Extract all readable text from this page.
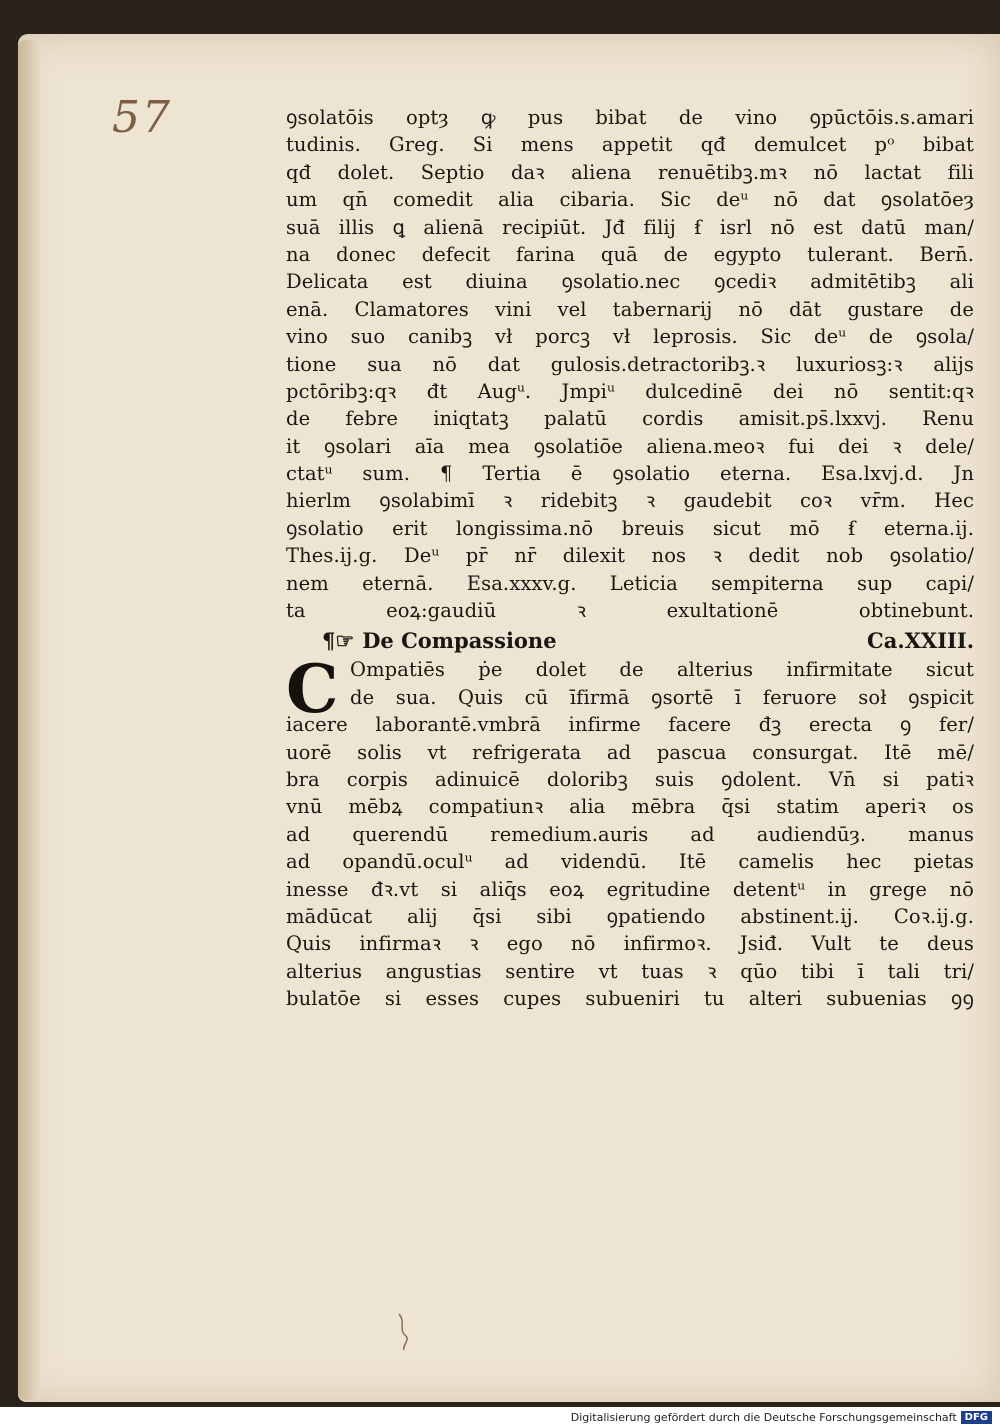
57	ꝯsolatōis optȝ ꝙ pus bibat de vino ꝯpūctōis.s.amari
tudinis. Greg. Si mens appetit qđ demulcet pᵒ bibat
qđ dolet. Septio daꝛ aliena renuētibꝫ.mꝛ nō lactat fili
um qn̄ comedit alia cibaria. Sic deᵘ nō dat ꝯsolatōeȝ
suā illis ꝗ alienā recipiūt. Jđ filij ẜ isrl nō est datū man/
na donec defecit farina quā de egypto tulerant. Bern̄.
Delicata est diuina ꝯsolatio.nec ꝯcediꝛ admitētibꝫ ali
enā. Clamatores vini vel tabernarij nō dāt gustare de
vino suo canibꝫ vł porcꝫ vł leprosis. Sic deᵘ de ꝯsola/
tione sua nō dat gulosis.detractoribꝫ.ꝛ luxuriosꝫ:ꝛ alijs
pctōribꝫ:qꝛ đt Augᵘ. Jmpiᵘ dulcedinē dei nō sentit:qꝛ
de febre iniqtatꝫ palatū cordis amisit.ps̄.lxxvj. Renu
it ꝯsolari aīa mea ꝯsolatiōe aliena.meoꝛ fui dei ꝛ dele/
ctatᵘ sum. ¶ Tertia ē ꝯsolatio eterna. Esa.lxvj.d. Jn
hierlm ꝯsolabimī ꝛ ridebitꝫ ꝛ gaudebit coꝛ vr̄m. Hec
ꝯsolatio erit longissima.nō breuis sicut mō ẜ eterna.ij.
Thes.ij.g. Deᵘ pr̄ nr̄ dilexit nos ꝛ dedit nob ꝯsolatio/
nem eternā. Esa.xxxv.g. Leticia sempiterna sup capi/
ta eoꝝ:gaudiū ꝛ exultationē obtinebunt.
¶☞ De Compassione	Ca.XXIII.
C Ompatiēs ṗe dolet de alterius infirmitate sicut
de sua. Quis cū īfirmā ꝯsortē ī feruore soł ꝯspicit
iacere laborantē.vmbrā infirme facere đꝫ erecta ꝯ fer/
uorē solis vt refrigerata ad pascua consurgat. Itē mē/
bra corpis adinuicē doloribꝫ suis ꝯdolent. Vn̄ si patiꝛ
vnū mēbꝝ compatiunꝛ alia mēbra q̄si statim aperiꝛ os
ad querendū remedium.auris ad audiendūȝ. manus
ad opandū.oculᵘ ad videndū. Itē camelis hec pietas
inesse đꝛ.vt si aliq̄s eoꝝ egritudine detentᵘ in grege nō
mādūcat alij q̄si sibi ꝯpatiendo abstinent.ij. Coꝛ.ij.g.
Quis infirmaꝛ ꝛ ego nō infirmoꝛ. Jsiđ. Vult te deus
alterius angustias sentire vt tuas ꝛ qūo tibi ī tali tri/
bulatōe si esses cupes subueniri tu alteri subuenias ꝯꝯ
Digitalisierung gefördert durch die Deutsche Forschungsgemeinschaft DFG
